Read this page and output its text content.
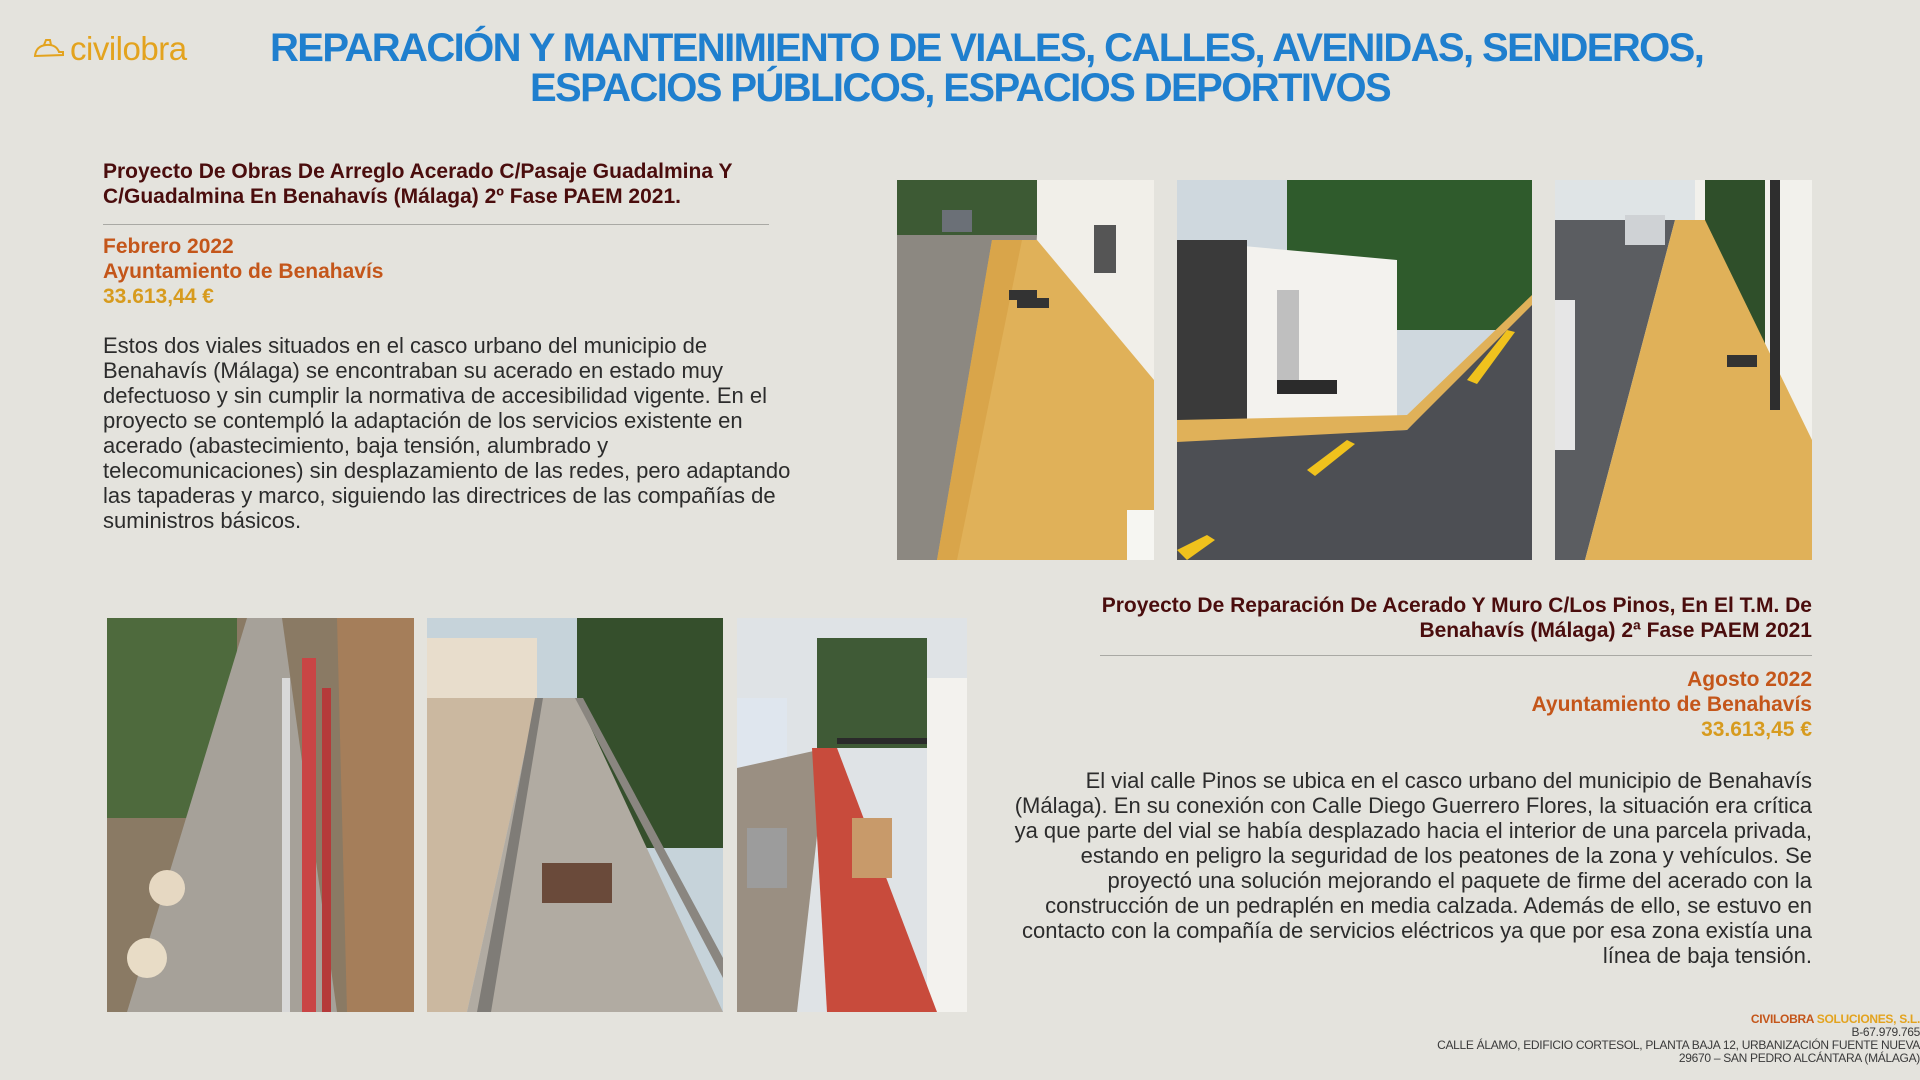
civilobra REPARACIÓN Y MANTENIMIENTO DE VIALES, CALLES, AVENIDAS, SENDEROS,
ESPACIOS PÚBLICOS, ESPACIOS DEPORTIVOS
Proyecto De Obras De Arreglo Acerado C/Pasaje Guadalmina Y
C/Guadalmina En Benahavís (Málaga) 2º Fase PAEM 2021.
Febrero 2022
Ayuntamiento de Benahavís
33.613,44 €
Estos dos viales situados en el casco urbano del municipio de Benahavís (Málaga) se encontraban su acerado en estado muy defectuoso y sin cumplir la normativa de accesibilidad vigente. En el proyecto se contempló la adaptación de los servicios existente en acerado (abastecimiento, baja tensión, alumbrado y telecomunicaciones) sin desplazamiento de las redes, pero adaptando las tapaderas y marco, siguiendo las directrices de las compañías de suministros básicos.
Proyecto De Reparación De Acerado Y Muro C/Los Pinos, En El T.M. De
Benahavís (Málaga) 2ª Fase PAEM 2021
Agosto 2022
Ayuntamiento de Benahavís
33.613,45 €
El vial calle Pinos se ubica en el casco urbano del municipio de Benahavís (Málaga). En su conexión con Calle Diego Guerrero Flores, la situación era crítica ya que parte del vial se había desplazado hacia el interior de una parcela privada, estando en peligro la seguridad de los peatones de la zona y vehículos. Se proyectó una solución mejorando el paquete de firme del acerado con la construcción de un pedraplén en media calzada. Además de ello, se estuvo en contacto con la compañía de servicios eléctricos ya que por esa zona existía una línea de baja tensión.
CIVILOBRA SOLUCIONES, S.L.
B-67.979.765
CALLE ÁLAMO, EDIFICIO CORTESOL, PLANTA BAJA 12, URBANIZACIÓN FUENTE NUEVA
29670 – SAN PEDRO ALCÁNTARA (MÁLAGA)
